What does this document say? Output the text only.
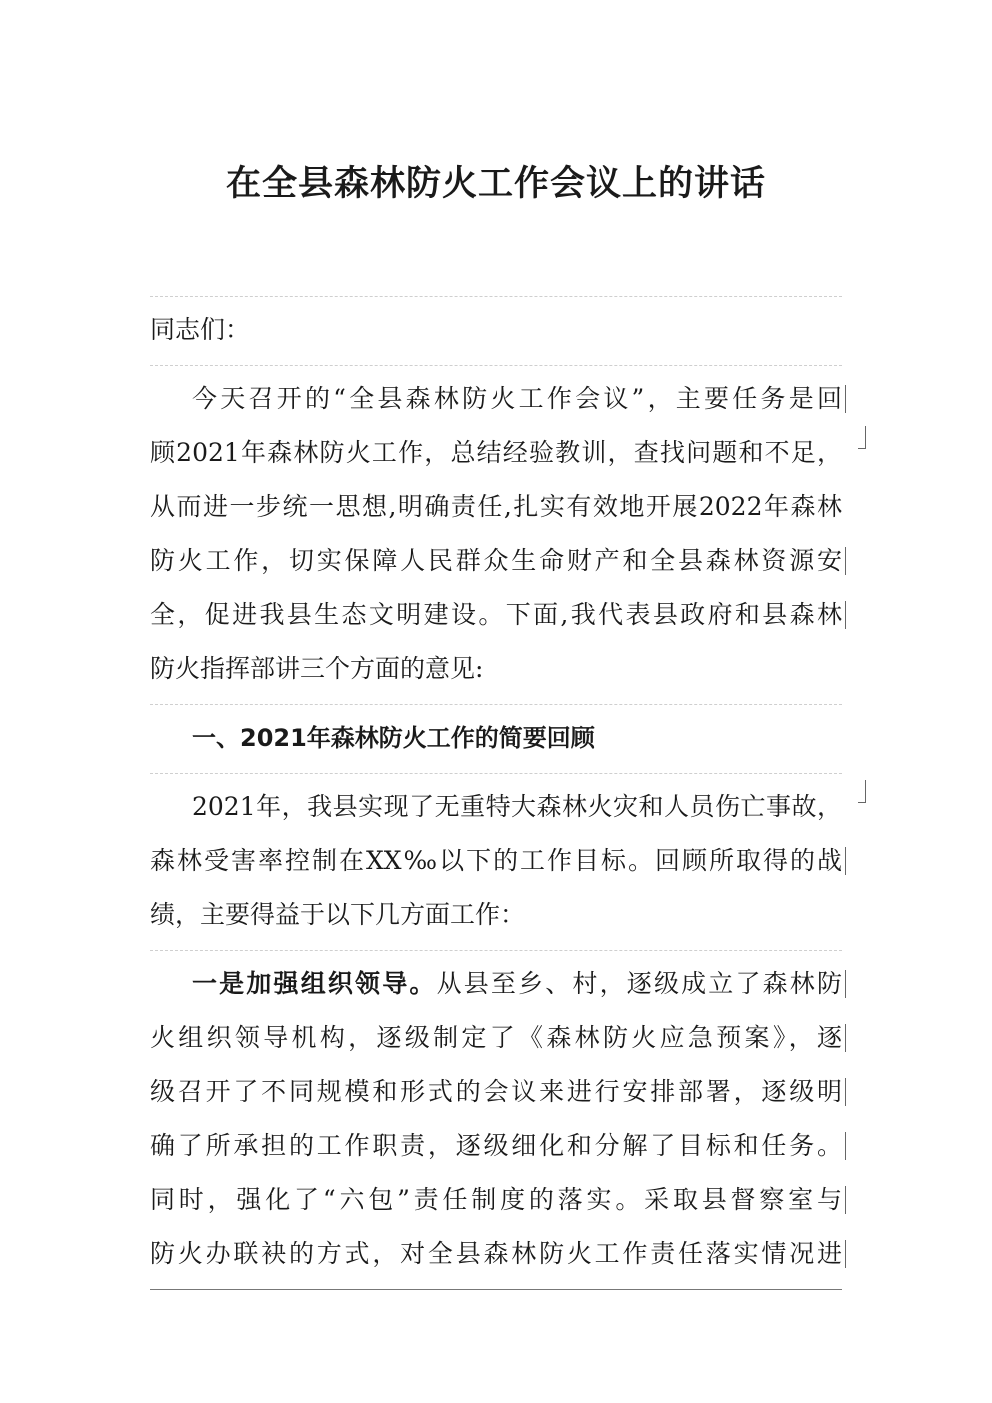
在全县森林防火工作会议上的讲话
同志们：
今天召开的“全县森林防火工作会议”，主要任务是回
顾2021年森林防火工作，总结经验教训，查找问题和不足，
从而进一步统一思想,明确责任,扎实有效地开展2022年森林
防火工作，切实保障人民群众生命财产和全县森林资源安
全，促进我县生态文明建设。下面,我代表县政府和县森林
防火指挥部讲三个方面的意见:
一、2021年森林防火工作的简要回顾
2021年，我县实现了无重特大森林火灾和人员伤亡事故，
森林受害率控制在XX‰以下的工作目标。回顾所取得的战
绩，主要得益于以下几方面工作：
一是加强组织领导。从县至乡、村，逐级成立了森林防
火组织领导机构，逐级制定了《森林防火应急预案》，逐
级召开了不同规模和形式的会议来进行安排部署，逐级明
确了所承担的工作职责，逐级细化和分解了目标和任务。
同时，强化了“六包”责任制度的落实。采取县督察室与
防火办联袂的方式，对全县森林防火工作责任落实情况进
